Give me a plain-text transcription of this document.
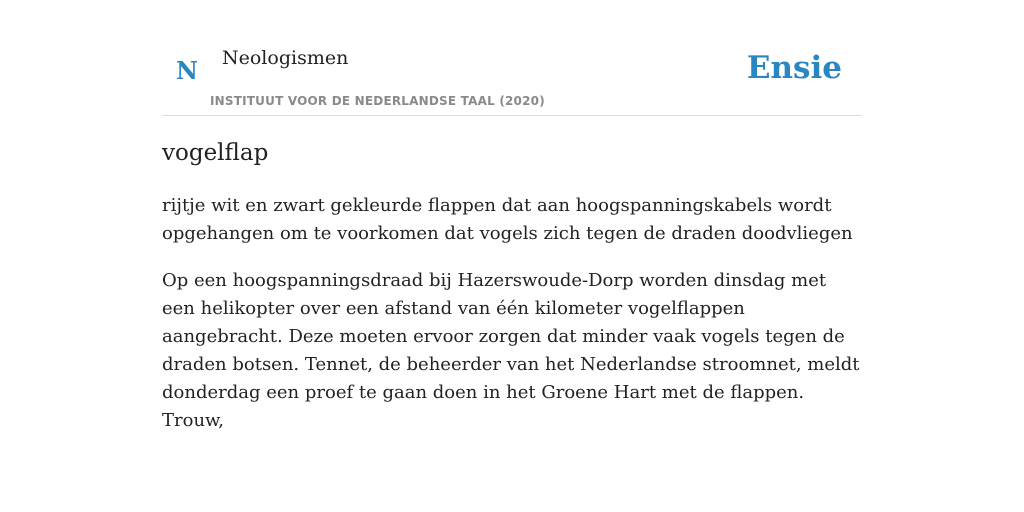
N Neologismen
INSTITUUT VOOR DE NEDERLANDSE TAAL (2020)
Ensie
vogelflap
rijtje wit en zwart gekleurde flappen dat aan hoogspanningskabels wordt opgehangen om te voorkomen dat vogels zich tegen de draden doodvliegen
Op een hoogspanningsdraad bij Hazerswoude-Dorp worden dinsdag met een helikopter over een afstand van één kilometer vogelflappen aangebracht. Deze moeten ervoor zorgen dat minder vaak vogels tegen de draden botsen. Tennet, de beheerder van het Nederlandse stroomnet, meldt donderdag een proef te gaan doen in het Groene Hart met de flappen.
Trouw,
